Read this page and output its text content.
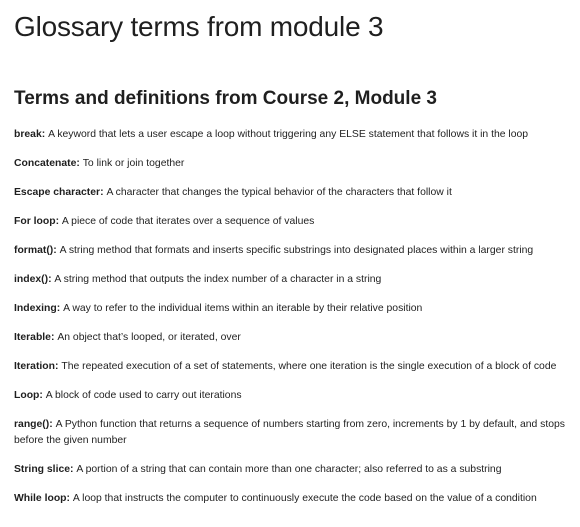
Glossary terms from module 3
Terms and definitions from Course 2, Module 3

break: A keyword that lets a user escape a loop without triggering any ELSE statement that follows it in the loop

Concatenate: To link or join together

Escape character: A character that changes the typical behavior of the characters that follow it

For loop: A piece of code that iterates over a sequence of values

format(): A string method that formats and inserts specific substrings into designated places within a larger string

index(): A string method that outputs the index number of a character in a string

Indexing: A way to refer to the individual items within an iterable by their relative position

Iterable: An object that’s looped, or iterated, over

Iteration: The repeated execution of a set of statements, where one iteration is the single execution of a block of code

Loop: A block of code used to carry out iterations

range(): A Python function that returns a sequence of numbers starting from zero, increments by 1 by default, and stops before the given number

String slice: A portion of a string that can contain more than one character; also referred to as a substring

While loop: A loop that instructs the computer to continuously execute the code based on the value of a condition
